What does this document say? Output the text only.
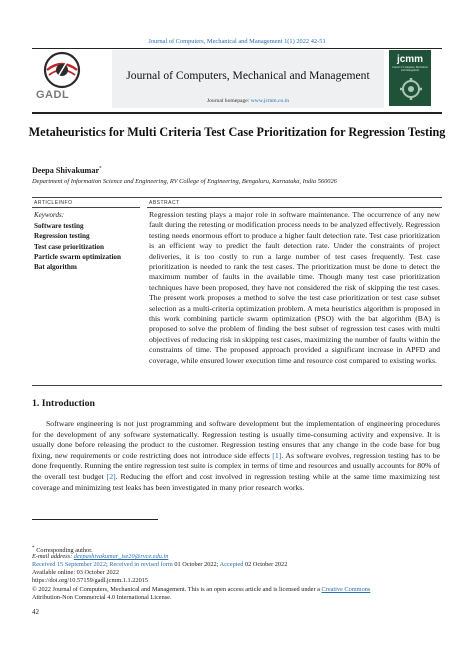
Journal of Computers, Mechanical and Management 1(1) 2022 42-51
GADL
Journal of Computers, Mechanical and Management
Journal homepage: www.jcmm.co.in
jcmm
Journal of Computers, Mechanical and Management
Metaheuristics for Multi Criteria Test Case Prioritization for Regression Testing
Deepa Shivakumar*
Department of Information Science and Engineering, RV College of Engineering, Bengaluru, Karnataka, India 560026
ARTICLEINFO	ABSTRACT
Keywords:
Software testing
Regression testing
Test case prioritization
Particle swarm optimization
Bat algorithm
Regression testing plays a major role in software maintenance. The occurrence of any new fault during the retesting or modification process needs to be analyzed effectively. Regression testing needs enormous effort to produce a higher fault detection rate. Test case prioritization is an efficient way to predict the fault detection rate. Under the constraints of project deliveries, it is too costly to run a large number of test cases frequently. Test case prioritization is needed to rank the test cases. The prioritization must be done to detect the maximum number of faults in the available time. Though many test case prioritization techniques have been proposed, they have not considered the risk of skipping the test cases. The present work proposes a method to solve the test case prioritization or test case subset selection as a multi-criteria optimization problem. A meta heuristics algorithm is proposed in this work combining particle swarm optimization (PSO) with the bat algorithm (BA) is proposed to solve the problem of finding the best subset of regression test cases with multi objectives of reducing risk in skipping test cases, maximizing the number of faults within the constraints of time. The proposed approach provided a significant increase in APFD and coverage, while ensured lower execution time and resource cost compared to existing works.
1. Introduction
Software engineering is not just programming and software development but the implementation of engineering procedures for the development of any software systematically. Regression testing is usually time-consuming activity and expensive. It is usually done before releasing the product to the customer. Regression testing ensures that any change in the code base for bug fixing, new requirements or code restricting does not introduce side effects [1]. As software evolves, regression testing has to be done frequently. Running the entire regression test suite is complex in terms of time and resources and usually accounts for 80% of the overall test budget [2]. Reducing the effort and cost involved in regression testing while at the same time maximizing test coverage and minimizing test leaks has been investigated in many prior research works.
* Corresponding author.
E-mail address: deepashivakumar_ise20@rvce.edu.in
Received 15 September 2022; Received in revised form 01 October 2022; Accepted 02 October 2022
Available online: 03 October 2022
https://doi.org/10.57159/gadl.jcmm.1.1.22015
© 2022 Journal of Computers, Mechanical and Management. This is an open access article and is licensed under a Creative Commons
Attribution-Non Commercial 4.0 International License.
42
